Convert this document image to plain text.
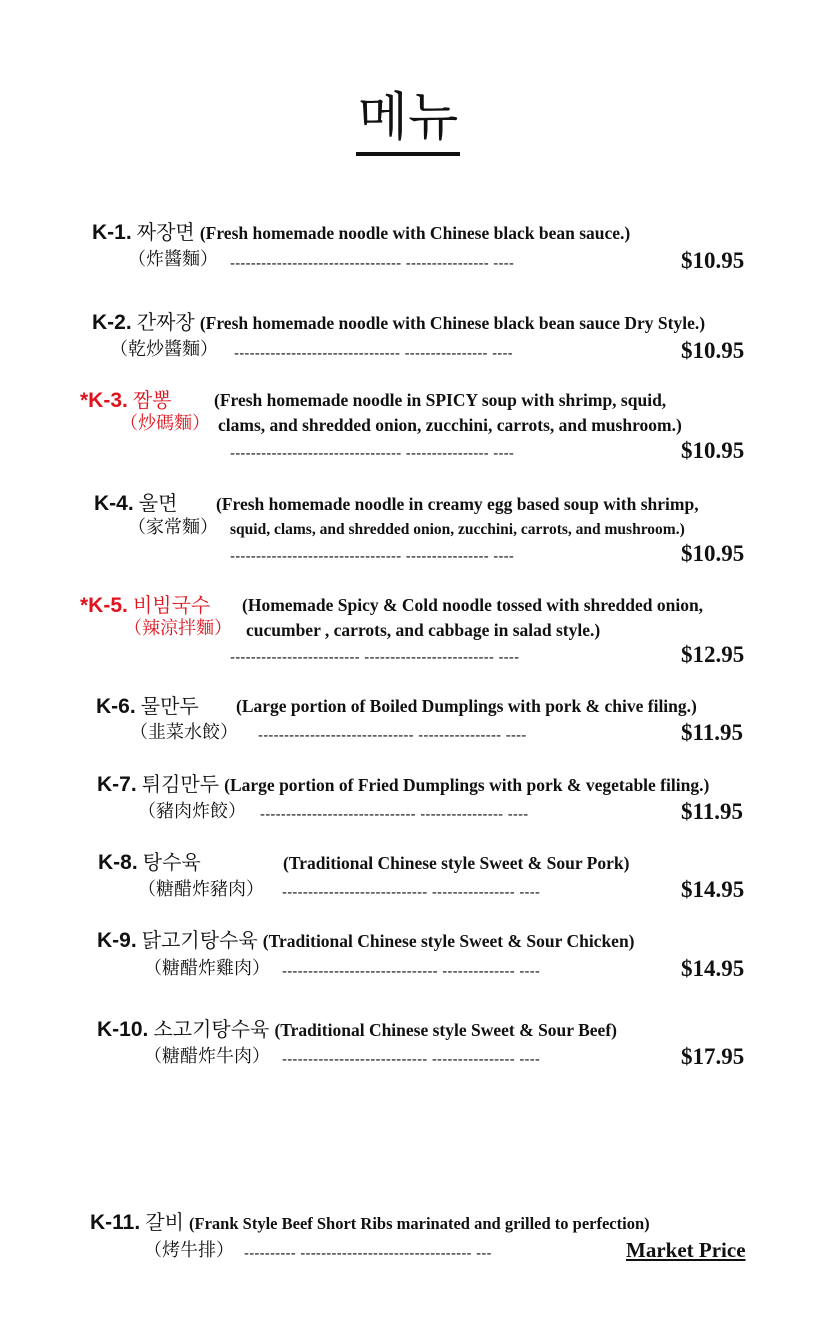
메뉴
K-1. 짜장면 (Fresh homemade noodle with Chinese black bean sauce.)
（炸醬麵） --------------------------------- ---------------- ----	$10.95
K-2. 간짜장 (Fresh homemade noodle with Chinese black bean sauce Dry Style.)
（乾炒醬麵） -------------------------------- ---------------- ----	$10.95
*K-3. 짬뽕 (Fresh homemade noodle in SPICY soup with shrimp, squid,
（炒碼麵） clams, and shredded onion, zucchini, carrots, and mushroom.)
--------------------------------- ---------------- ----	$10.95
K-4. 울면 (Fresh homemade noodle in creamy egg based soup with shrimp,
（家常麵） squid, clams, and shredded onion, zucchini, carrots, and mushroom.)
--------------------------------- ---------------- ----	$10.95
*K-5. 비빔국수 (Homemade Spicy & Cold noodle tossed with shredded onion,
（辣涼拌麵） cucumber , carrots, and cabbage in salad style.)
------------------------- ------------------------- ----	$12.95
K-6. 물만두 (Large portion of Boiled Dumplings with pork & chive filing.)
（韭菜水餃） ------------------------------ ---------------- ----	$11.95
K-7. 튀김만두 (Large portion of Fried Dumplings with pork & vegetable filing.)
（豬肉炸餃） ------------------------------ ---------------- ----	$11.95
K-8. 탕수육	(Traditional Chinese style Sweet & Sour Pork)
（糖醋炸豬肉） ---------------------------- ---------------- ----	$14.95
K-9. 닭고기탕수육 (Traditional Chinese style Sweet & Sour Chicken)
（糖醋炸雞肉） ------------------------------ -------------- ----	$14.95
K-10. 소고기탕수육 (Traditional Chinese style Sweet & Sour Beef)
（糖醋炸牛肉） ---------------------------- ---------------- ----	$17.95
K-11. 갈비 (Frank Style Beef Short Ribs marinated and grilled to perfection)
（烤牛排） ---------- --------------------------------- ---	Market Price
